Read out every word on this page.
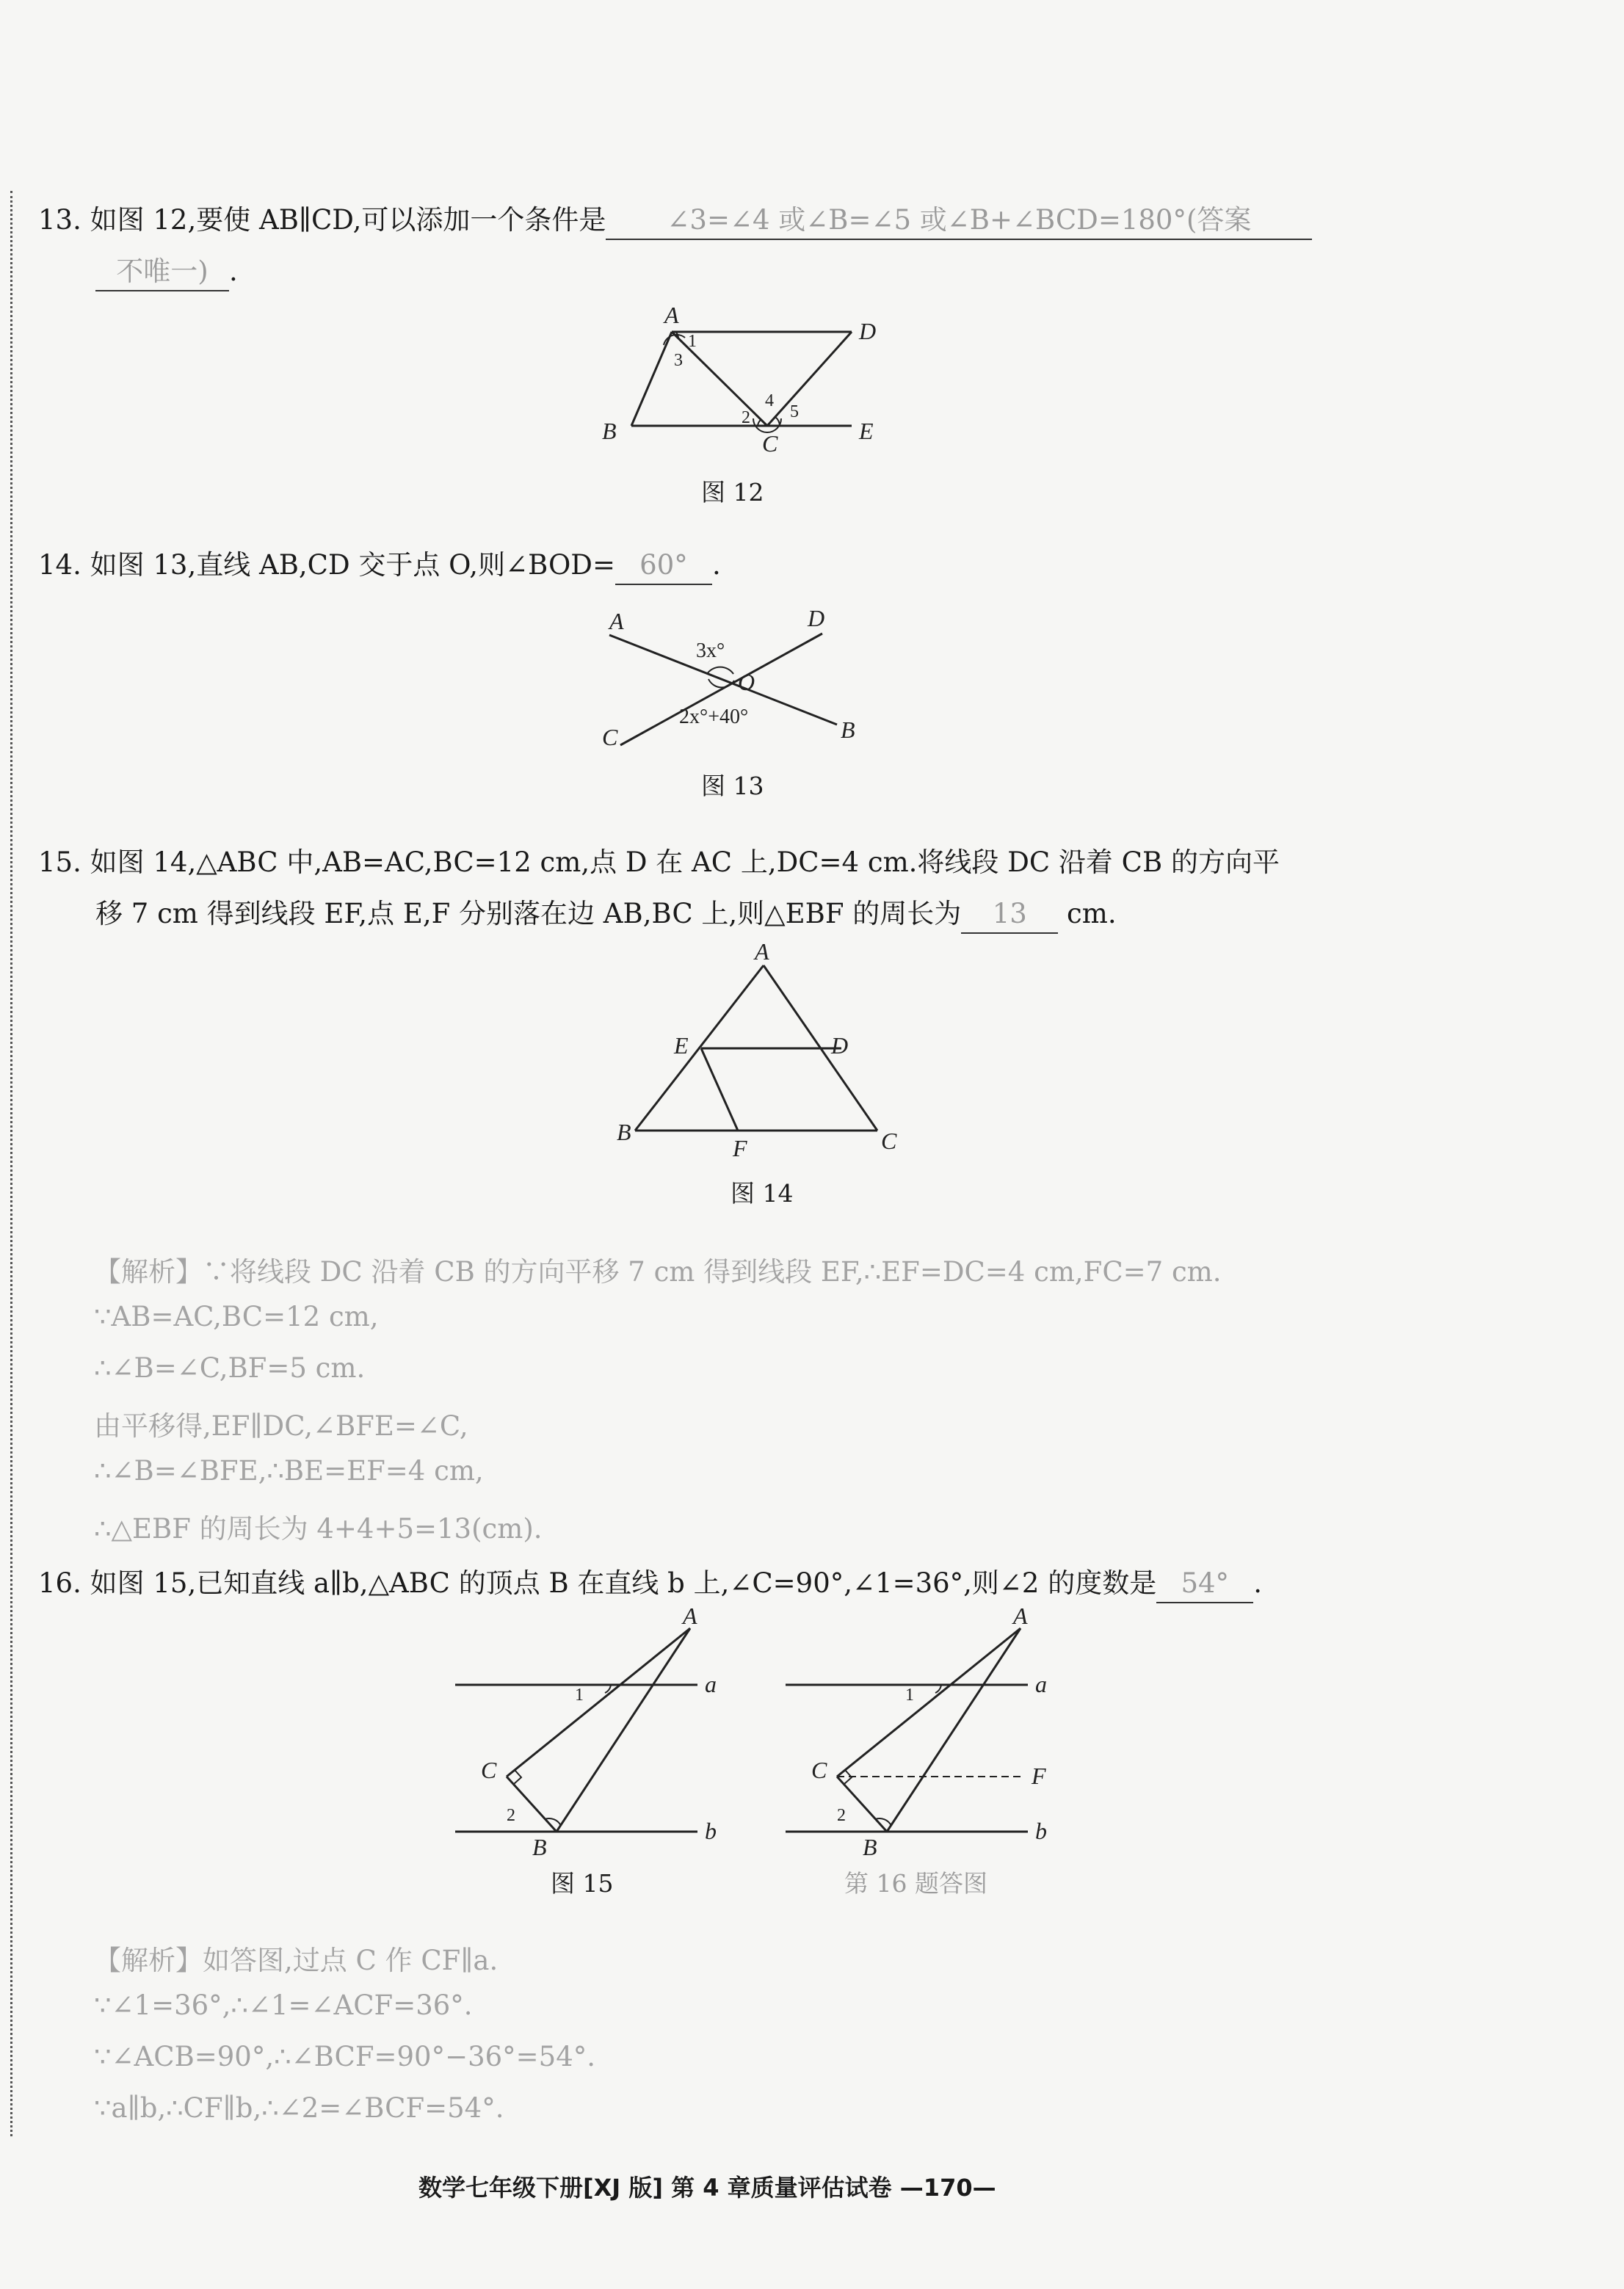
13. 如图 12,要使 AB∥CD,可以添加一个条件是 ∠3=∠4 或∠B=∠5 或∠B+∠BCD=180°(答案
不唯一) .
A
D
B	C	E
1
3
2
4
5
图 12
14. 如图 13,直线 AB,CD 交于点 O,则∠BOD= 60° .
A	D
C	B
O
3x°
2x°+40°
图 13
15. 如图 14,△ABC 中,AB=AC,BC=12 cm,点 D 在 AC 上,DC=4 cm.将线段 DC 沿着 CB 的方向平
移 7 cm 得到线段 EF,点 E,F 分别落在边 AB,BC 上,则△EBF 的周长为 13 cm.
A
E	D
B
F	C
图 14
【解析】∵将线段 DC 沿着 CB 的方向平移 7 cm 得到线段 EF,∴EF=DC=4 cm,FC=7 cm.
∵AB=AC,BC=12 cm,
∴∠B=∠C,BF=5 cm.
由平移得,EF∥DC,∠BFE=∠C,
∴∠B=∠BFE,∴BE=EF=4 cm,
∴△EBF 的周长为 4+4+5=13(cm).
16. 如图 15,已知直线 a∥b,△ABC 的顶点 B 在直线 b 上,∠C=90°,∠1=36°,则∠2 的度数是 54° .
A
a
C
b
B
1
2
图 15
A
a
C	F
b
B
1
2
第 16 题答图
【解析】如答图,过点 C 作 CF∥a.
∵∠1=36°,∴∠1=∠ACF=36°.
∵∠ACB=90°,∴∠BCF=90°−36°=54°.
∵a∥b,∴CF∥b,∴∠2=∠BCF=54°.
数学七年级下册[XJ 版] 第 4 章质量评估试卷 —170—
